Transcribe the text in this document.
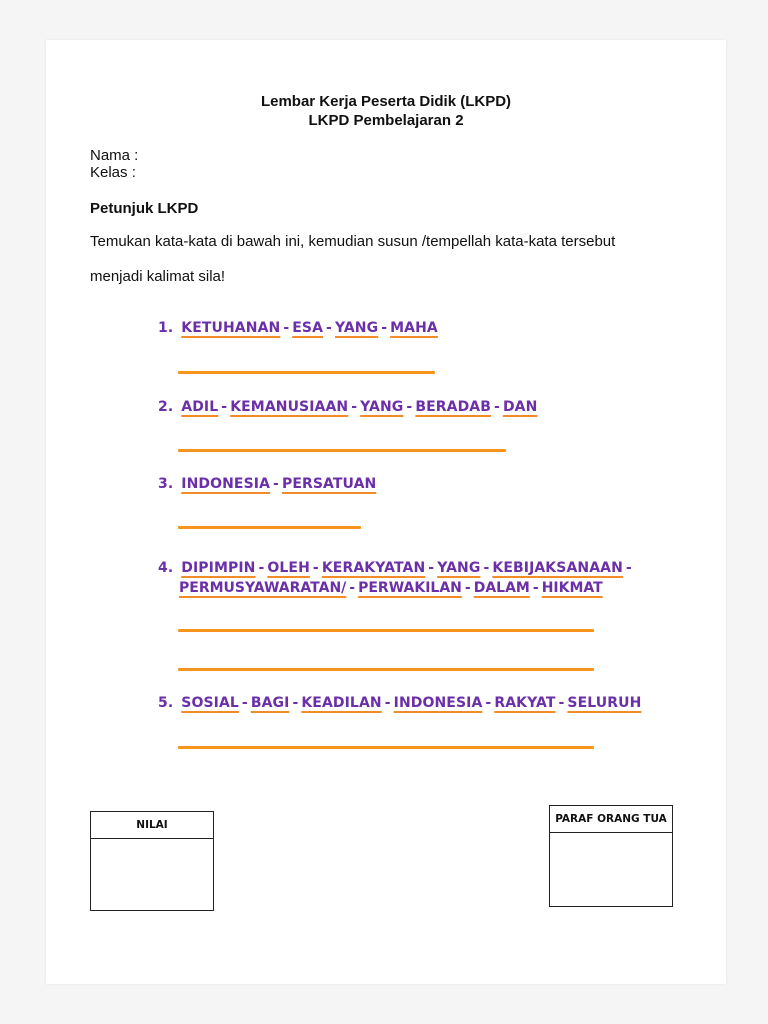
Lembar Kerja Peserta Didik (LKPD)
LKPD Pembelajaran 2
Nama :
Kelas :
Petunjuk LKPD
Temukan kata-kata di bawah ini, kemudian susun /tempellah kata-kata tersebut
menjadi kalimat sila!
1. KETUHANAN - ESA - YANG - MAHA
2. ADIL - KEMANUSIAAN - YANG - BERADAB - DAN
3. INDONESIA - PERSATUAN
4. DIPIMPIN - OLEH - KERAKYATAN - YANG - KEBIJAKSANAAN -
PERMUSYAWARATAN/ - PERWAKILAN - DALAM - HIKMAT
5. SOSIAL - BAGI - KEADILAN - INDONESIA - RAKYAT - SELURUH
NILAI	PARAF ORANG TUA
